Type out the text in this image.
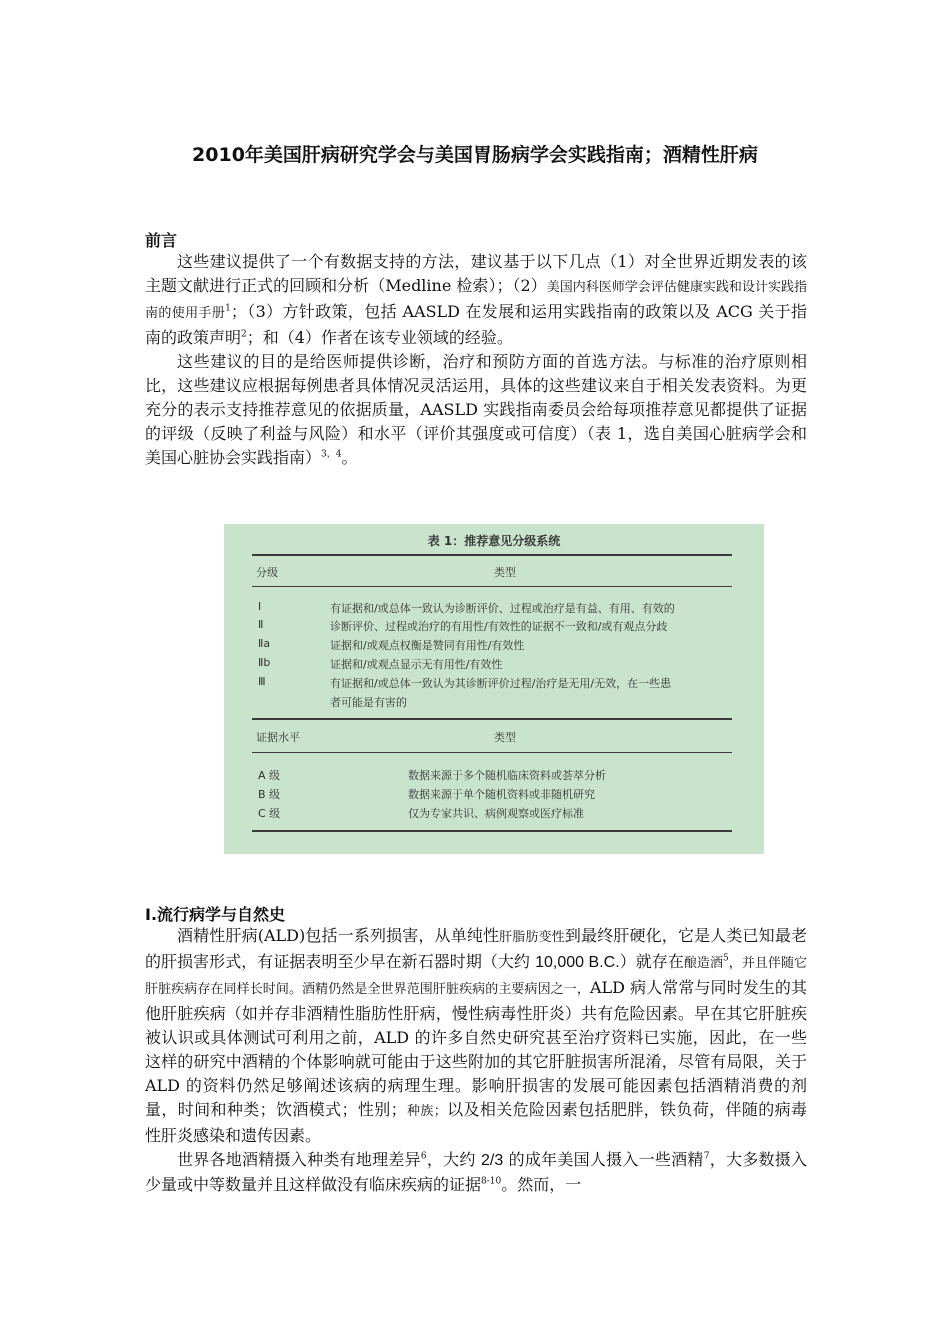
2010年美国肝病研究学会与美国胃肠病学会实践指南；酒精性肝病
前言

这些建议提供了一个有数据支持的方法，建议基于以下几点（1）对全世界近期发表的该主题文献进行正式的回顾和分析（Medline 检索）；（2）美国内科医师学会评估健康实践和设计实践指南的使用手册$^1$；（3）方针政策，包括 AASLD 在发展和运用实践指南的政策以及 ACG 关于指南的政策声明$^2$；和（4）作者在该专业领域的经验。

这些建议的目的是给医师提供诊断，治疗和预防方面的首选方法。与标准的治疗原则相比，这些建议应根据每例患者具体情况灵活运用，具体的这些建议来自于相关发表资料。为更充分的表示支持推荐意见的依据质量，AASLD 实践指南委员会给每项推荐意见都提供了证据的评级（反映了利益与风险）和水平（评价其强度或可信度）（表 1，选自美国心脏病学会和美国心脏协会实践指南）$^{3,4}$。

表 1：推荐意见分级系统
分级	类型
Ⅰ	有证据和/或总体一致认为诊断评价、过程或治疗是有益、有用、有效的
Ⅱ	诊断评价、过程或治疗的有用性/有效性的证据不一致和/或有观点分歧
Ⅱa	证据和/或观点权衡是赞同有用性/有效性
Ⅱb	证据和/或观点显示无有用性/有效性
Ⅲ	有证据和/或总体一致认为其诊断评价过程/治疗是无用/无效，在一些患
者可能是有害的
证据水平	类型
A 级	数据来源于多个随机临床资料或荟萃分析
B 级	数据来源于单个随机资料或非随机研究
C 级	仅为专家共识、病例观察或医疗标准
Ⅰ.流行病学与自然史

酒精性肝病(ALD)包括一系列损害，从单纯性肝脂肪变性到最终肝硬化，它是人类已知最老的肝损害形式，有证据表明至少早在新石器时期（大约 10,000 B.C.）就存在酿造酒$^5$，并且伴随它肝脏疾病存在同样长时间。酒精仍然是全世界范围肝脏疾病的主要病因之一，ALD 病人常常与同时发生的其他肝脏疾病（如并存非酒精性脂肪性肝病，慢性病毒性肝炎）共有危险因素。早在其它肝脏疾被认识或具体测试可利用之前，ALD 的许多自然史研究甚至治疗资料已实施，因此，在一些这样的研究中酒精的个体影响就可能由于这些附加的其它肝脏损害所混淆，尽管有局限，关于 ALD 的资料仍然足够阐述该病的病理生理。影响肝损害的发展可能因素包括酒精消费的剂量，时间和种类；饮酒模式；性别；种族；以及相关危险因素包括肥胖，铁负荷，伴随的病毒性肝炎感染和遗传因素。

世界各地酒精摄入种类有地理差异$^6$，大约 2/3 的成年美国人摄入一些酒精$^7$，大多数摄入少量或中等数量并且这样做没有临床疾病的证据$^{8-10}$。然而，一
